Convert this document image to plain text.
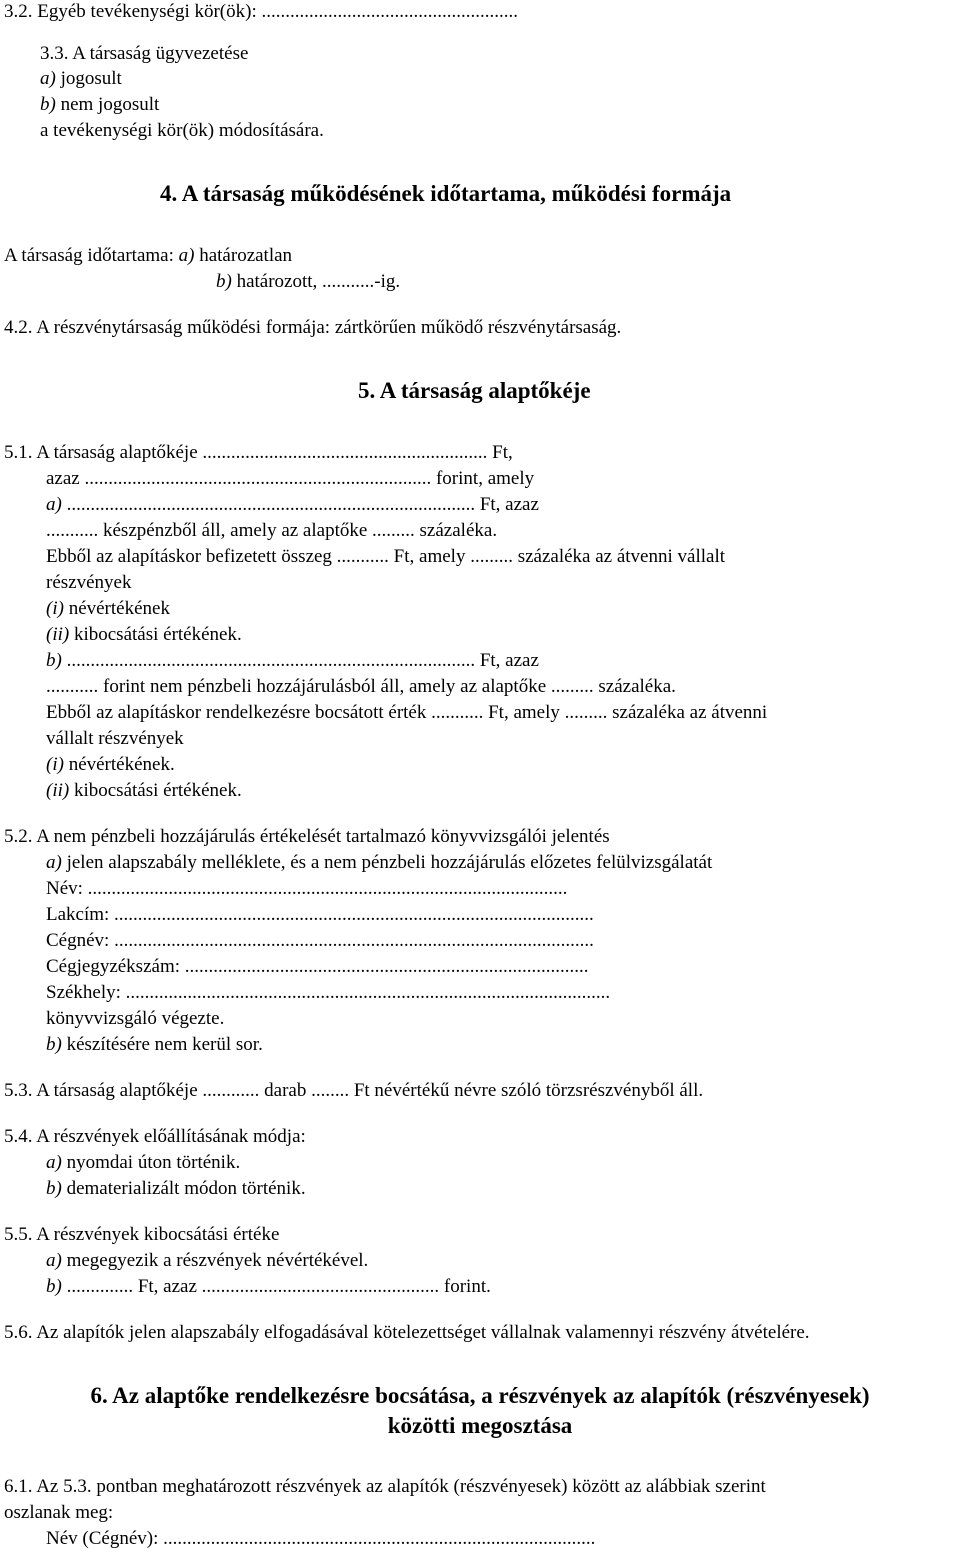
3.2. Egyéb tevékenységi kör(ök): ......................................................
3.3. A társaság ügyvezetése
a) jogosult
b) nem jogosult
a tevékenységi kör(ök) módosítására.
4. A társaság működésének időtartama, működési formája
A társaság időtartama: a) határozatlan
b) határozott, ...........-ig.
4.2. A részvénytársaság működési formája: zártkörűen működő részvénytársaság.
5. A társaság alaptőkéje
5.1. A társaság alaptőkéje ............................................................ Ft,
azaz ......................................................................... forint, amely
a) ...................................................................................... Ft, azaz
........... készpénzből áll, amely az alaptőke ......... százaléka.
Ebből az alapításkor befizetett összeg ........... Ft, amely ......... százaléka az átvenni vállalt
részvények
(i) névértékének
(ii) kibocsátási értékének.
b) ...................................................................................... Ft, azaz
........... forint nem pénzbeli hozzájárulásból áll, amely az alaptőke ......... százaléka.
Ebből az alapításkor rendelkezésre bocsátott érték ........... Ft, amely ......... százaléka az átvenni
vállalt részvények
(i) névértékének.
(ii) kibocsátási értékének.
5.2. A nem pénzbeli hozzájárulás értékelését tartalmazó könyvvizsgálói jelentés
a) jelen alapszabály melléklete, és a nem pénzbeli hozzájárulás előzetes felülvizsgálatát
Név: .....................................................................................................
Lakcím: .....................................................................................................
Cégnév: .....................................................................................................
Cégjegyzékszám: .....................................................................................
Székhely: ......................................................................................................
könyvvizsgáló végezte.
b) készítésére nem kerül sor.
5.3. A társaság alaptőkéje ............ darab ........ Ft névértékű névre szóló törzsrészvényből áll.
5.4. A részvények előállításának módja:
a) nyomdai úton történik.
b) dematerializált módon történik.
5.5. A részvények kibocsátási értéke
a) megegyezik a részvények névértékével.
b) .............. Ft, azaz .................................................. forint.
5.6. Az alapítók jelen alapszabály elfogadásával kötelezettséget vállalnak valamennyi részvény átvételére.
6. Az alaptőke rendelkezésre bocsátása, a részvények az alapítók (részvényesek)
közötti megosztása
6.1. Az 5.3. pontban meghatározott részvények az alapítók (részvényesek) között az alábbiak szerint
oszlanak meg:
Név (Cégnév): ...........................................................................................
